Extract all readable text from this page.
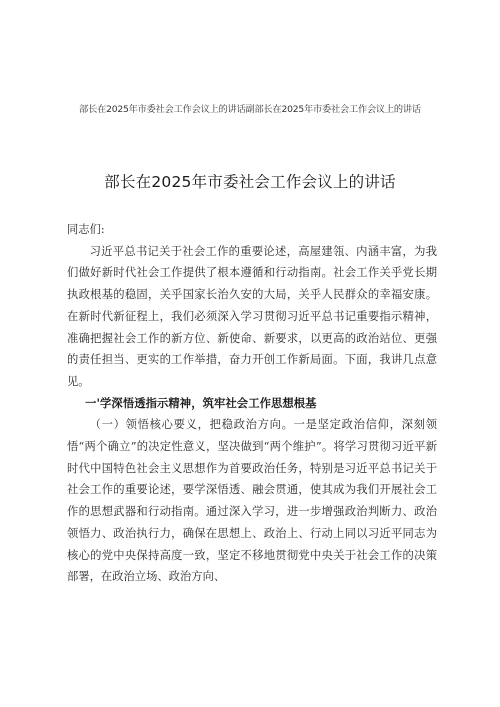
部长在2025年市委社会工作会议上的讲话副部长在2025年市委社会工作会议上的讲话
部长在2025年市委社会工作会议上的讲话

同志们:

习近平总书记关于社会工作的重要论述，高屋建瓴、内涵丰富，为我们做好新时代社会工作提供了根本遵循和行动指南。社会工作关乎党长期执政根基的稳固，关乎国家长治久安的大局，关乎人民群众的幸福安康。在新时代新征程上，我们必须深入学习贯彻习近平总书记重要指示精神，准确把握社会工作的新方位、新使命、新要求，以更高的政治站位、更强的责任担当、更实的工作举措，奋力开创工作新局面。下面，我讲几点意见。

一'学深悟透指示精神，筑牢社会工作思想根基

（一）领悟核心要义，把稳政治方向。一是坚定政治信仰，深刻领悟“两个确立”的决定性意义，坚决做到“两个维护”。将学习贯彻习近平新时代中国特色社会主义思想作为首要政治任务，特别是习近平总书记关于社会工作的重要论述，要学深悟透、融会贯通，使其成为我们开展社会工作的思想武器和行动指南。通过深入学习，进一步增强政治判断力、政治领悟力、政治执行力，确保在思想上、政治上、行动上同以习近平同志为核心的党中央保持高度一致，坚定不移地贯彻党中央关于社会工作的决策部署，在政治立场、政治方向、
